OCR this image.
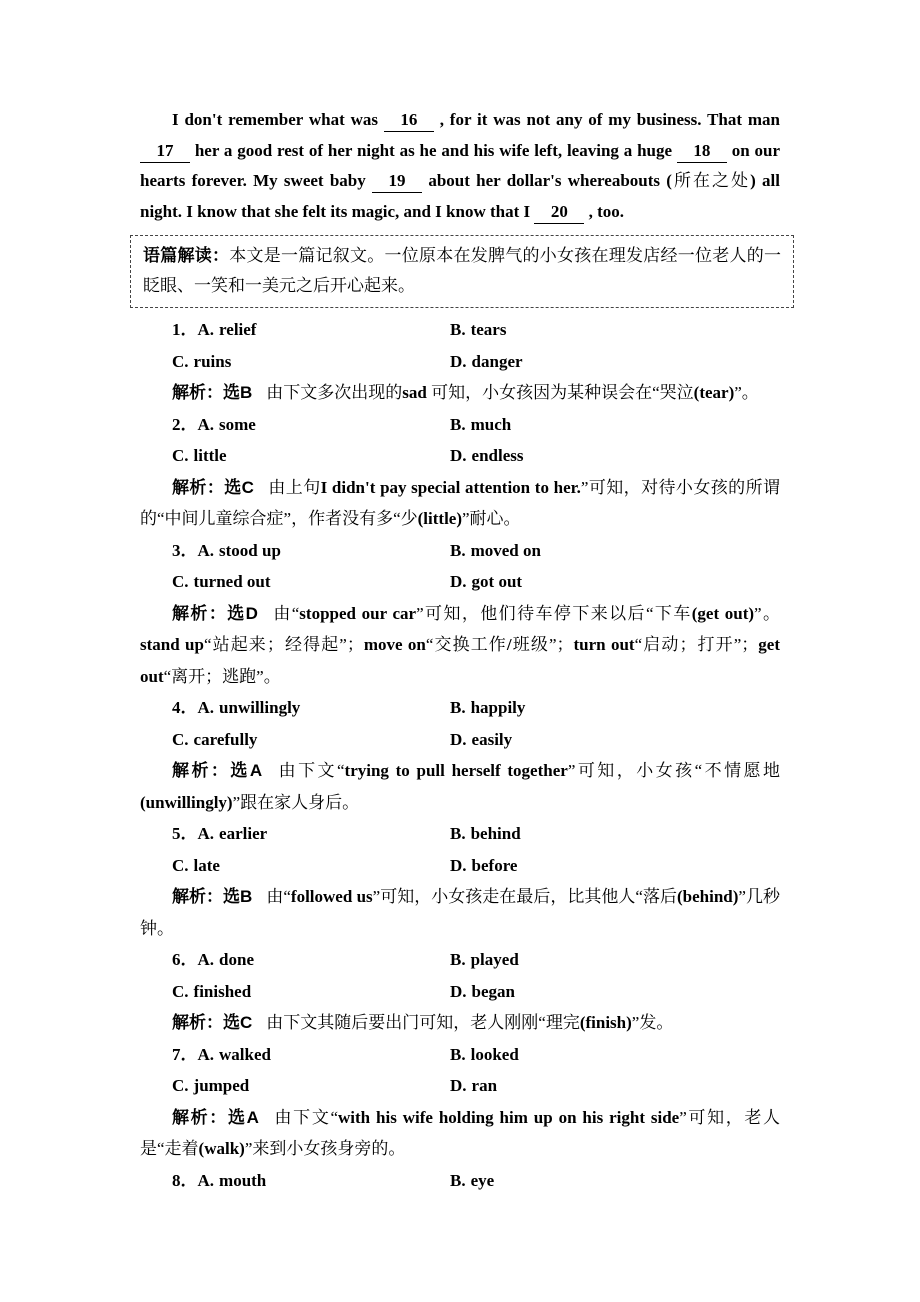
I don't remember what was 16 , for it was not any of my business. That man 17 her a good rest of her night as he and his wife left, leaving a huge 18 on our hearts forever. My sweet baby 19 about her dollar's whereabouts (所在之处) all night. I know that she felt its magic, and I know that I 20 , too.

语篇解读：本文是一篇记叙文。一位原本在发脾气的小女孩在理发店经一位老人的一眨眼、一笑和一美元之后开心起来。
1．A. relief	B. tears
C. ruins	D. danger

解析：选B 由下文多次出现的sad 可知，小女孩因为某种误会在“哭泣(tear)”。

2．A. some	B. much
C. little	D. endless

解析：选C 由上句I didn't pay special attention to her.”可知，对待小女孩的所谓的“中间儿童综合症”，作者没有多“少(little)”耐心。

3．A. stood up	B. moved on
C. turned out	D. got out

解析：选D 由“stopped our car”可知，他们待车停下来以后“下车(get out)”。stand up“站起来；经得起”；move on“交换工作/班级”；turn out“启动；打开”；get out“离开；逃跑”。

4．A. unwillingly	B. happily
C. carefully	D. easily

解析：选A 由下文“trying to pull herself together”可知，小女孩“不情愿地(unwillingly)”跟在家人身后。

5．A. earlier	B. behind
C. late	D. before

解析：选B 由“followed us”可知，小女孩走在最后，比其他人“落后(behind)”几秒钟。

6．A. done	B. played
C. finished	D. began

解析：选C 由下文其随后要出门可知，老人刚刚“理完(finish)”发。

7．A. walked	B. looked
C. jumped	D. ran

解析：选A 由下文“with his wife holding him up on his right side”可知，老人是“走着(walk)”来到小女孩身旁的。

8．A. mouth	B. eye
